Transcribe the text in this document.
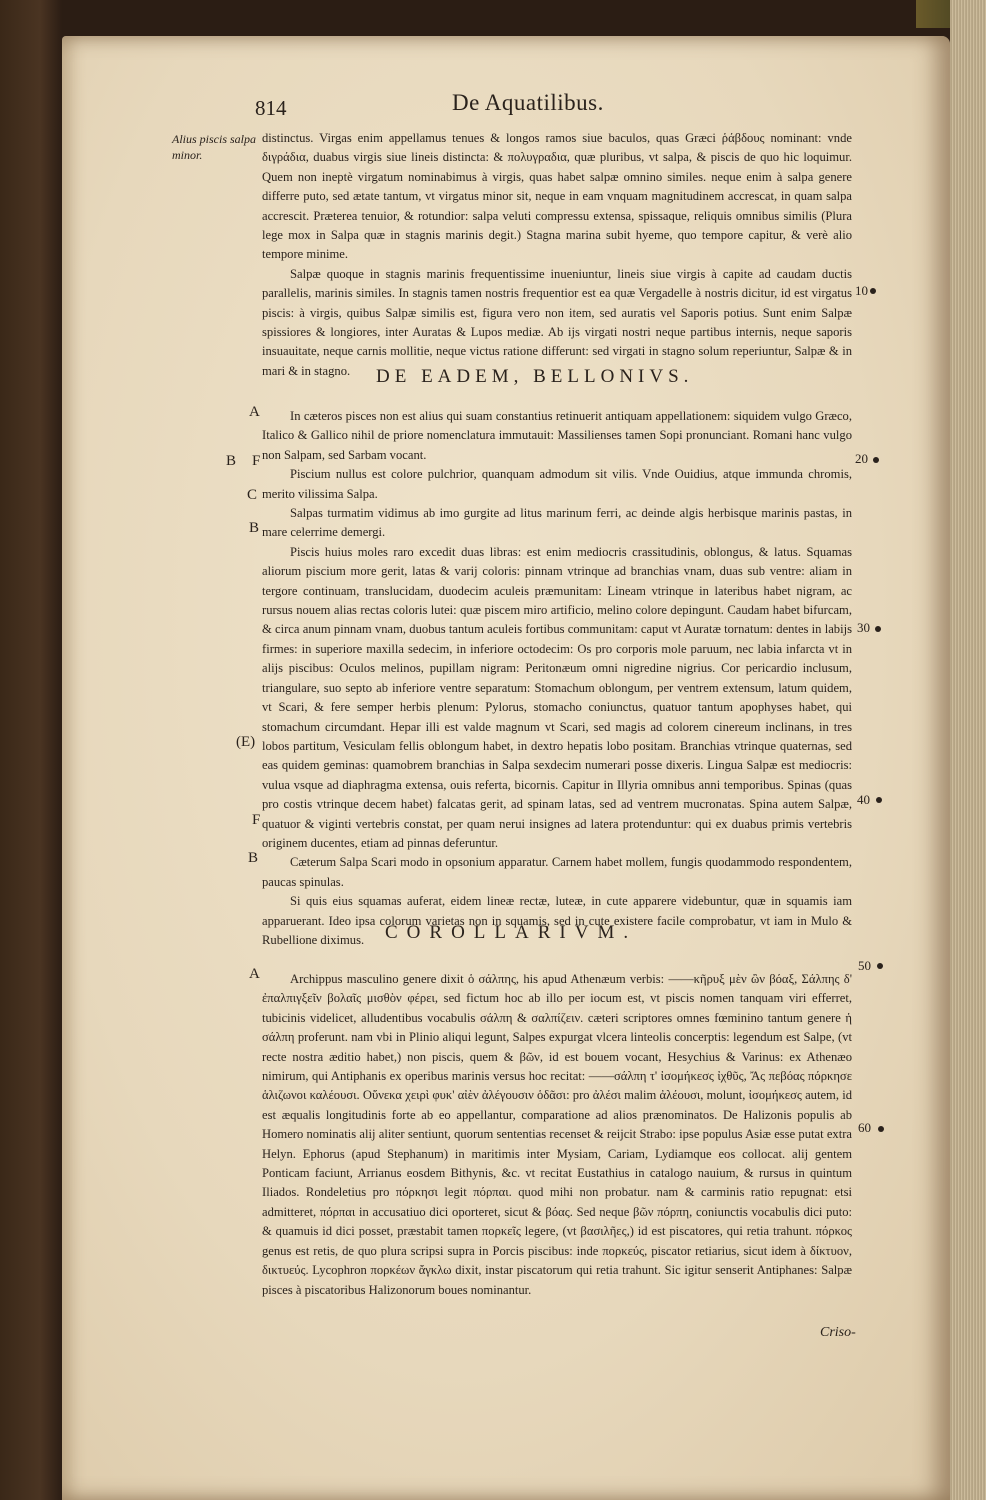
814	De Aquatilibus.
Alius piscis salpa minor.

distinctus. Virgas enim appellamus tenues & longos ramos siue baculos, quas Græci ῥάβδους nominant: vnde διγράδια, duabus virgis siue lineis distincta: & πολυγραδια, quæ pluribus, vt salpa, & piscis de quo hic loquimur. Quem non ineptè virgatum nominabimus à virgis, quas habet salpæ omnino similes. neque enim à salpa genere differre puto, sed ætate tantum, vt virgatus minor sit, neque in eam vnquam magnitudinem accrescat, in quam salpa accrescit. Præterea tenuior, & rotundior: salpa veluti compressu extensa, spissaque, reliquis omnibus similis (Plura lege mox in Salpa quæ in stagnis marinis degit.) Stagna marina subit hyeme, quo tempore capitur, & verè alio tempore minime.

Salpæ quoque in stagnis marinis frequentissime inueniuntur, lineis siue virgis à capite ad caudam ductis parallelis, marinis similes. In stagnis tamen nostris frequentior est ea quæ Vergadelle à nostris dicitur, id est virgatus piscis: à virgis, quibus Salpæ similis est, figura vero non item, sed auratis vel Saporis potius. Sunt enim Salpæ spissiores & longiores, inter Auratas & Lupos mediæ. Ab ijs virgati nostri neque partibus internis, neque saporis insuauitate, neque carnis mollitie, neque victus ratione differunt: sed virgati in stagno solum reperiuntur, Salpæ & in mari & in stagno.	DE EADEM, BELLONIVS.

In cæteros pisces non est alius qui suam constantius retinuerit antiquam appellationem: siquidem vulgo Græco, Italico & Gallico nihil de priore nomenclatura immutauit: Massilienses tamen Sopi pronunciant. Romani hanc vulgo non Salpam, sed Sarbam vocant.

Piscium nullus est colore pulchrior, quanquam admodum sit vilis. Vnde Ouidius, atque immunda chromis, merito vilissima Salpa.

Salpas turmatim vidimus ab imo gurgite ad litus marinum ferri, ac deinde algis herbisque marinis pastas, in mare celerrime demergi.

Piscis huius moles raro excedit duas libras: est enim mediocris crassitudinis, oblongus, & latus. Squamas aliorum piscium more gerit, latas & varij coloris: pinnam vtrinque ad branchias vnam, duas sub ventre: aliam in tergore continuam, translucidam, duodecim aculeis præmunitam: Lineam vtrinque in lateribus habet nigram, ac rursus nouem alias rectas coloris lutei: quæ piscem miro artificio, melino colore depingunt. Caudam habet bifurcam, & circa anum pinnam vnam, duobus tantum aculeis fortibus communitam: caput vt Auratæ tornatum: dentes in labijs firmes: in superiore maxilla sedecim, in inferiore octodecim: Os pro corporis mole paruum, nec labia infarcta vt in alijs piscibus: Oculos melinos, pupillam nigram: Peritonæum omni nigredine nigrius. Cor pericardio inclusum, triangulare, suo septo ab inferiore ventre separatum: Stomachum oblongum, per ventrem extensum, latum quidem, vt Scari, & fere semper herbis plenum: Pylorus, stomacho coniunctus, quatuor tantum apophyses habet, qui stomachum circumdant. Hepar illi est valde magnum vt Scari, sed magis ad colorem cinereum inclinans, in tres lobos partitum, Vesiculam fellis oblongum habet, in dextro hepatis lobo positam. Branchias vtrinque quaternas, sed eas quidem geminas: quamobrem branchias in Salpa sexdecim numerari posse dixeris. Lingua Salpæ est mediocris: vulua vsque ad diaphragma extensa, ouis referta, bicornis. Capitur in Illyria omnibus anni temporibus. Spinas (quas pro costis vtrinque decem habet) falcatas gerit, ad spinam latas, sed ad ventrem mucronatas. Spina autem Salpæ, quatuor & viginti vertebris constat, per quam nerui insignes ad latera protenduntur: qui ex duabus primis vertebris originem ducentes, etiam ad pinnas deferuntur.

Cæterum Salpa Scari modo in opsonium apparatur. Carnem habet mollem, fungis quodammodo respondentem, paucas spinulas.

Si quis eius squamas auferat, eidem lineæ rectæ, luteæ, in cute apparere videbuntur, quæ in squamis iam apparuerant. Ideo ipsa colorum varietas non in squamis, sed in cute existere facile comprobatur, vt iam in Mulo & Rubellione diximus.	COROLLARIVM.

Archippus masculino genere dixit ὁ σάλπης, his apud Athenæum verbis: ——κῆρυξ μὲν ὢν βόαξ, Σάλπης δ' ἐπαλπιγξεῖν βολαῖς μισθὸν φέρει, sed fictum hoc ab illo per iocum est, vt piscis nomen tanquam viri efferret, tubicinis videlicet, alludentibus vocabulis σάλπη & σαλπίζειν. cæteri scriptores omnes fœminino tantum genere ἡ σάλπη proferunt. nam vbi in Plinio aliqui legunt, Salpes expurgat vlcera linteolis concerptis: legendum est Salpe, (vt recte nostra æditio habet,) non piscis, quem & βῶν, id est bouem vocant, Hesychius & Varinus: ex Athenæo nimirum, qui Antiphanis ex operibus marinis versus hoc recitat: ——σάλπη τ' ἰσομήκεσς ἰχθῦς, Ἄς πεβόας πόρκησε ἁλιζωνοι καλέουσι. Οὕνεκα χειρὶ φυκ' αἰὲν ἀλέγουσιν ὁδᾶσι: pro ἀλέσι malim ἀλέουσι, molunt, ἰσομήκεσς autem, id est æqualis longitudinis forte ab eo appellantur, comparatione ad alios prænominatos. De Halizonis populis ab Homero nominatis alij aliter sentiunt, quorum sententias recenset & reijcit Strabo: ipse populus Asiæ esse putat extra Helyn. Ephorus (apud Stephanum) in maritimis inter Mysiam, Cariam, Lydiamque eos collocat. alij gentem Ponticam faciunt, Arrianus eosdem Bithynis, &c. vt recitat Eustathius in catalogo nauium, & rursus in quintum Iliados. Rondeletius pro πόρκησι legit πόρπαι. quod mihi non probatur. nam & carminis ratio repugnat: etsi admitteret, πόρπαι in accusatiuo dici oporteret, sicut & βόας. Sed neque βῶν πόρπη, coniunctis vocabulis dici puto: & quamuis id dici posset, præstabit tamen πορκεῖς legere, (vt βασιλῆες,) id est piscatores, qui retia trahunt. πόρκος genus est retis, de quo plura scripsi supra in Porcis piscibus: inde πορκεύς, piscator retiarius, sicut idem à δίκτυον, δικτυεύς. Lycophron πορκέων ἄγκλω dixit, instar piscatorum qui retia trahunt. Sic igitur senserit Antiphanes: Salpæ pisces à piscatoribus Halizonorum boues nominantur.

A
B F
C
B
(E)
F
B
A
10
20
30
40
50
60
Criso-
